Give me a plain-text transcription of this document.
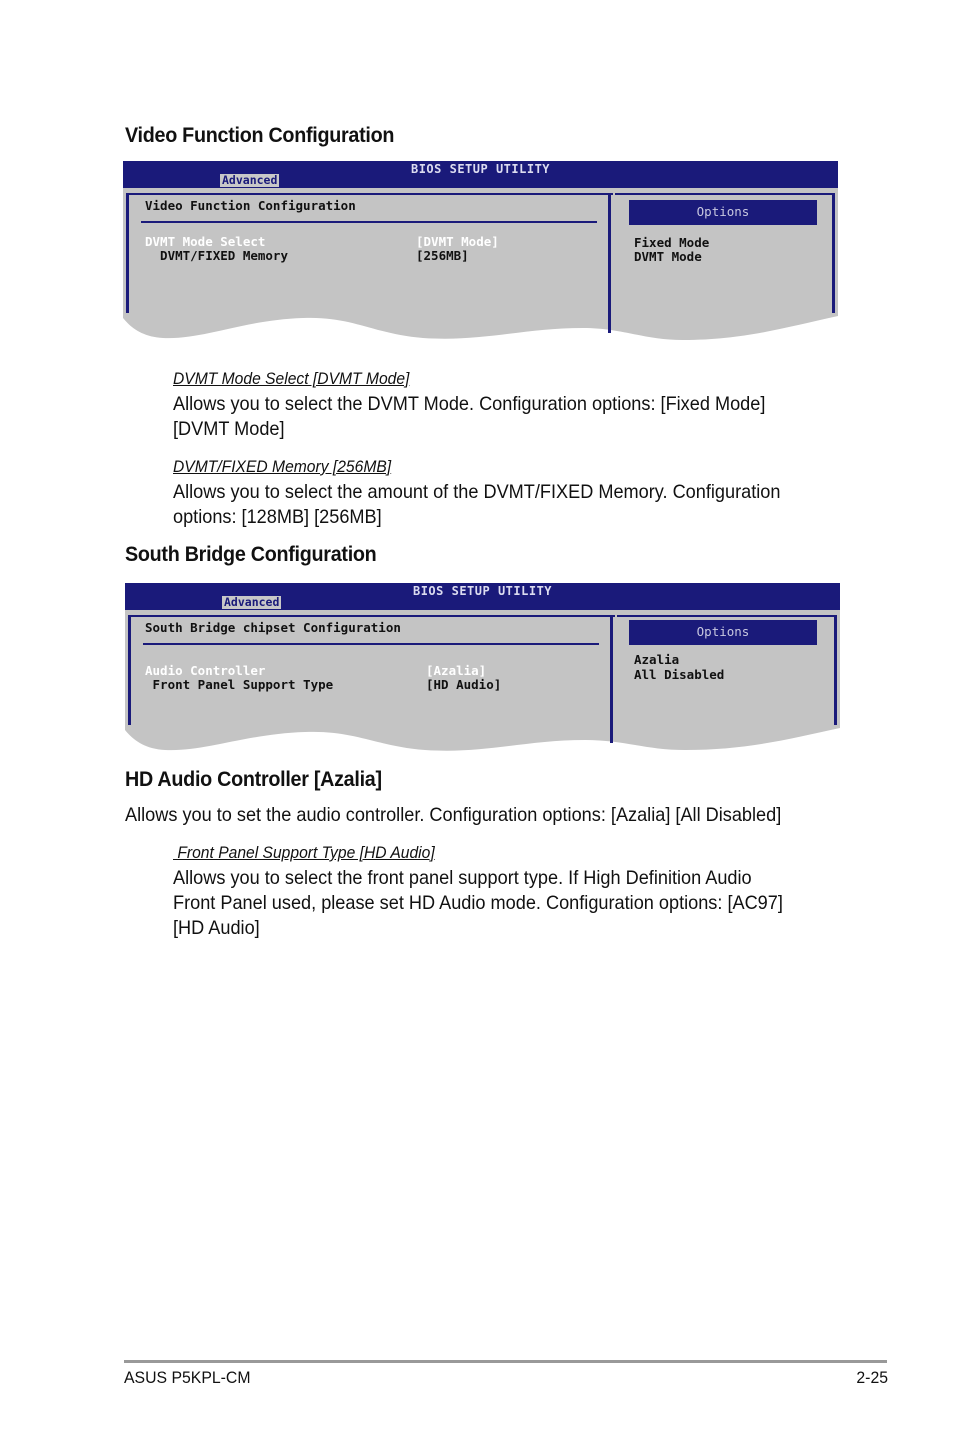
Video Function Configuration
BIOS SETUP UTILITY
Advanced
Video Function Configuration
DVMT Mode Select	[DVMT Mode]
DVMT/FIXED Memory	[256MB]
Options
Fixed Mode
DVMT Mode
DVMT Mode Select [DVMT Mode]
Allows you to select the DVMT Mode. Configuration options: [Fixed Mode]
[DVMT Mode]
DVMT/FIXED Memory [256MB]
Allows you to select the amount of the DVMT/FIXED Memory. Configuration
options: [128MB] [256MB]
South Bridge Configuration
BIOS SETUP UTILITY
Advanced
South Bridge chipset Configuration
Audio Controller	[Azalia]
Front Panel Support Type	[HD Audio]
Options
Azalia
All Disabled
HD Audio Controller [Azalia]
Allows you to set the audio controller. Configuration options: [Azalia] [All Disabled]
Front Panel Support Type [HD Audio]
Allows you to select the front panel support type. If High Definition Audio
Front Panel used, please set HD Audio mode. Configuration options: [AC97]
[HD Audio]
ASUS P5KPL-CM	2-25
